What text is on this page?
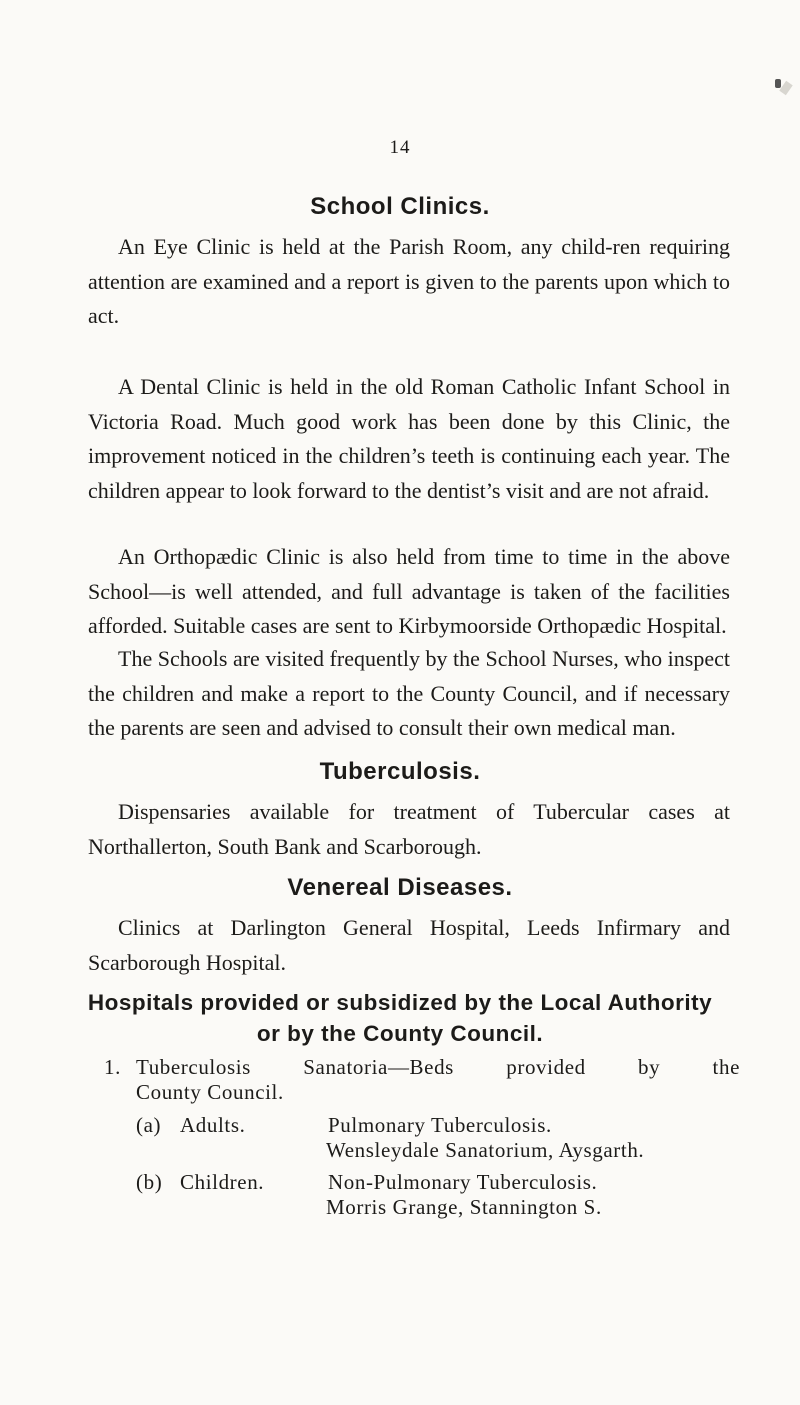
14
School Clinics.

An Eye Clinic is held at the Parish Room, any child-ren requiring attention are examined and a report is given to the parents upon which to act.

A Dental Clinic is held in the old Roman Catholic Infant School in Victoria Road. Much good work has been done by this Clinic, the improvement noticed in the children’s teeth is continuing each year. The children appear to look forward to the dentist’s visit and are not afraid.

An Orthopædic Clinic is also held from time to time in the above School—is well attended, and full advantage is taken of the facilities afforded. Suitable cases are sent to Kirbymoorside Orthopædic Hospital.

The Schools are visited frequently by the School Nurses, who inspect the children and make a report to the County Council, and if necessary the parents are seen and advised to consult their own medical man.

Tuberculosis.

Dispensaries available for treatment of Tubercular cases at Northallerton, South Bank and Scarborough.

Venereal Diseases.

Clinics at Darlington General Hospital, Leeds Infirmary and Scarborough Hospital.

Hospitals provided or subsidized by the Local Authority
or by the County Council.
1. Tuberculosis Sanatoria—Beds provided by the
County Council.
(a) Adults.	Pulmonary Tuberculosis.
Wensleydale Sanatorium, Aysgarth.
(b) Children.	Non-Pulmonary Tuberculosis.
Morris Grange, Stannington S.
